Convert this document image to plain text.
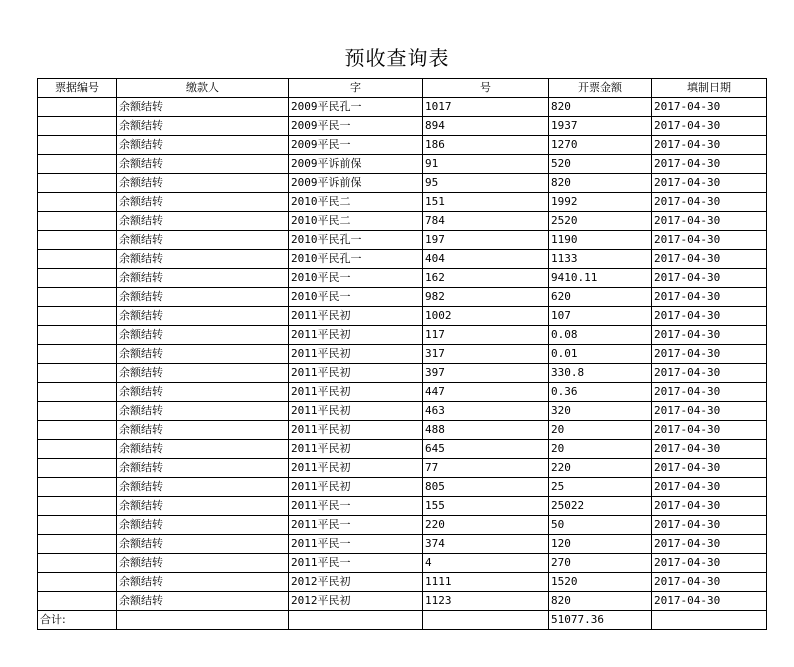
预收查询表
票据编号	缴款人	字	号	开票金额	填制日期
	余额结转	2009平民孔一	1017	820	2017-04-30
	余额结转	2009平民一	894	1937	2017-04-30
	余额结转	2009平民一	186	1270	2017-04-30
	余额结转	2009平诉前保	91	520	2017-04-30
	余额结转	2009平诉前保	95	820	2017-04-30
	余额结转	2010平民二	151	1992	2017-04-30
	余额结转	2010平民二	784	2520	2017-04-30
	余额结转	2010平民孔一	197	1190	2017-04-30
	余额结转	2010平民孔一	404	1133	2017-04-30
	余额结转	2010平民一	162	9410.11	2017-04-30
	余额结转	2010平民一	982	620	2017-04-30
	余额结转	2011平民初	1002	107	2017-04-30
	余额结转	2011平民初	117	0.08	2017-04-30
	余额结转	2011平民初	317	0.01	2017-04-30
	余额结转	2011平民初	397	330.8	2017-04-30
	余额结转	2011平民初	447	0.36	2017-04-30
	余额结转	2011平民初	463	320	2017-04-30
	余额结转	2011平民初	488	20	2017-04-30
	余额结转	2011平民初	645	20	2017-04-30
	余额结转	2011平民初	77	220	2017-04-30
	余额结转	2011平民初	805	25	2017-04-30
	余额结转	2011平民一	155	25022	2017-04-30
	余额结转	2011平民一	220	50	2017-04-30
	余额结转	2011平民一	374	120	2017-04-30
	余额结转	2011平民一	4	270	2017-04-30
	余额结转	2012平民初	1111	1520	2017-04-30
	余额结转	2012平民初	1123	820	2017-04-30
合计:				51077.36	
